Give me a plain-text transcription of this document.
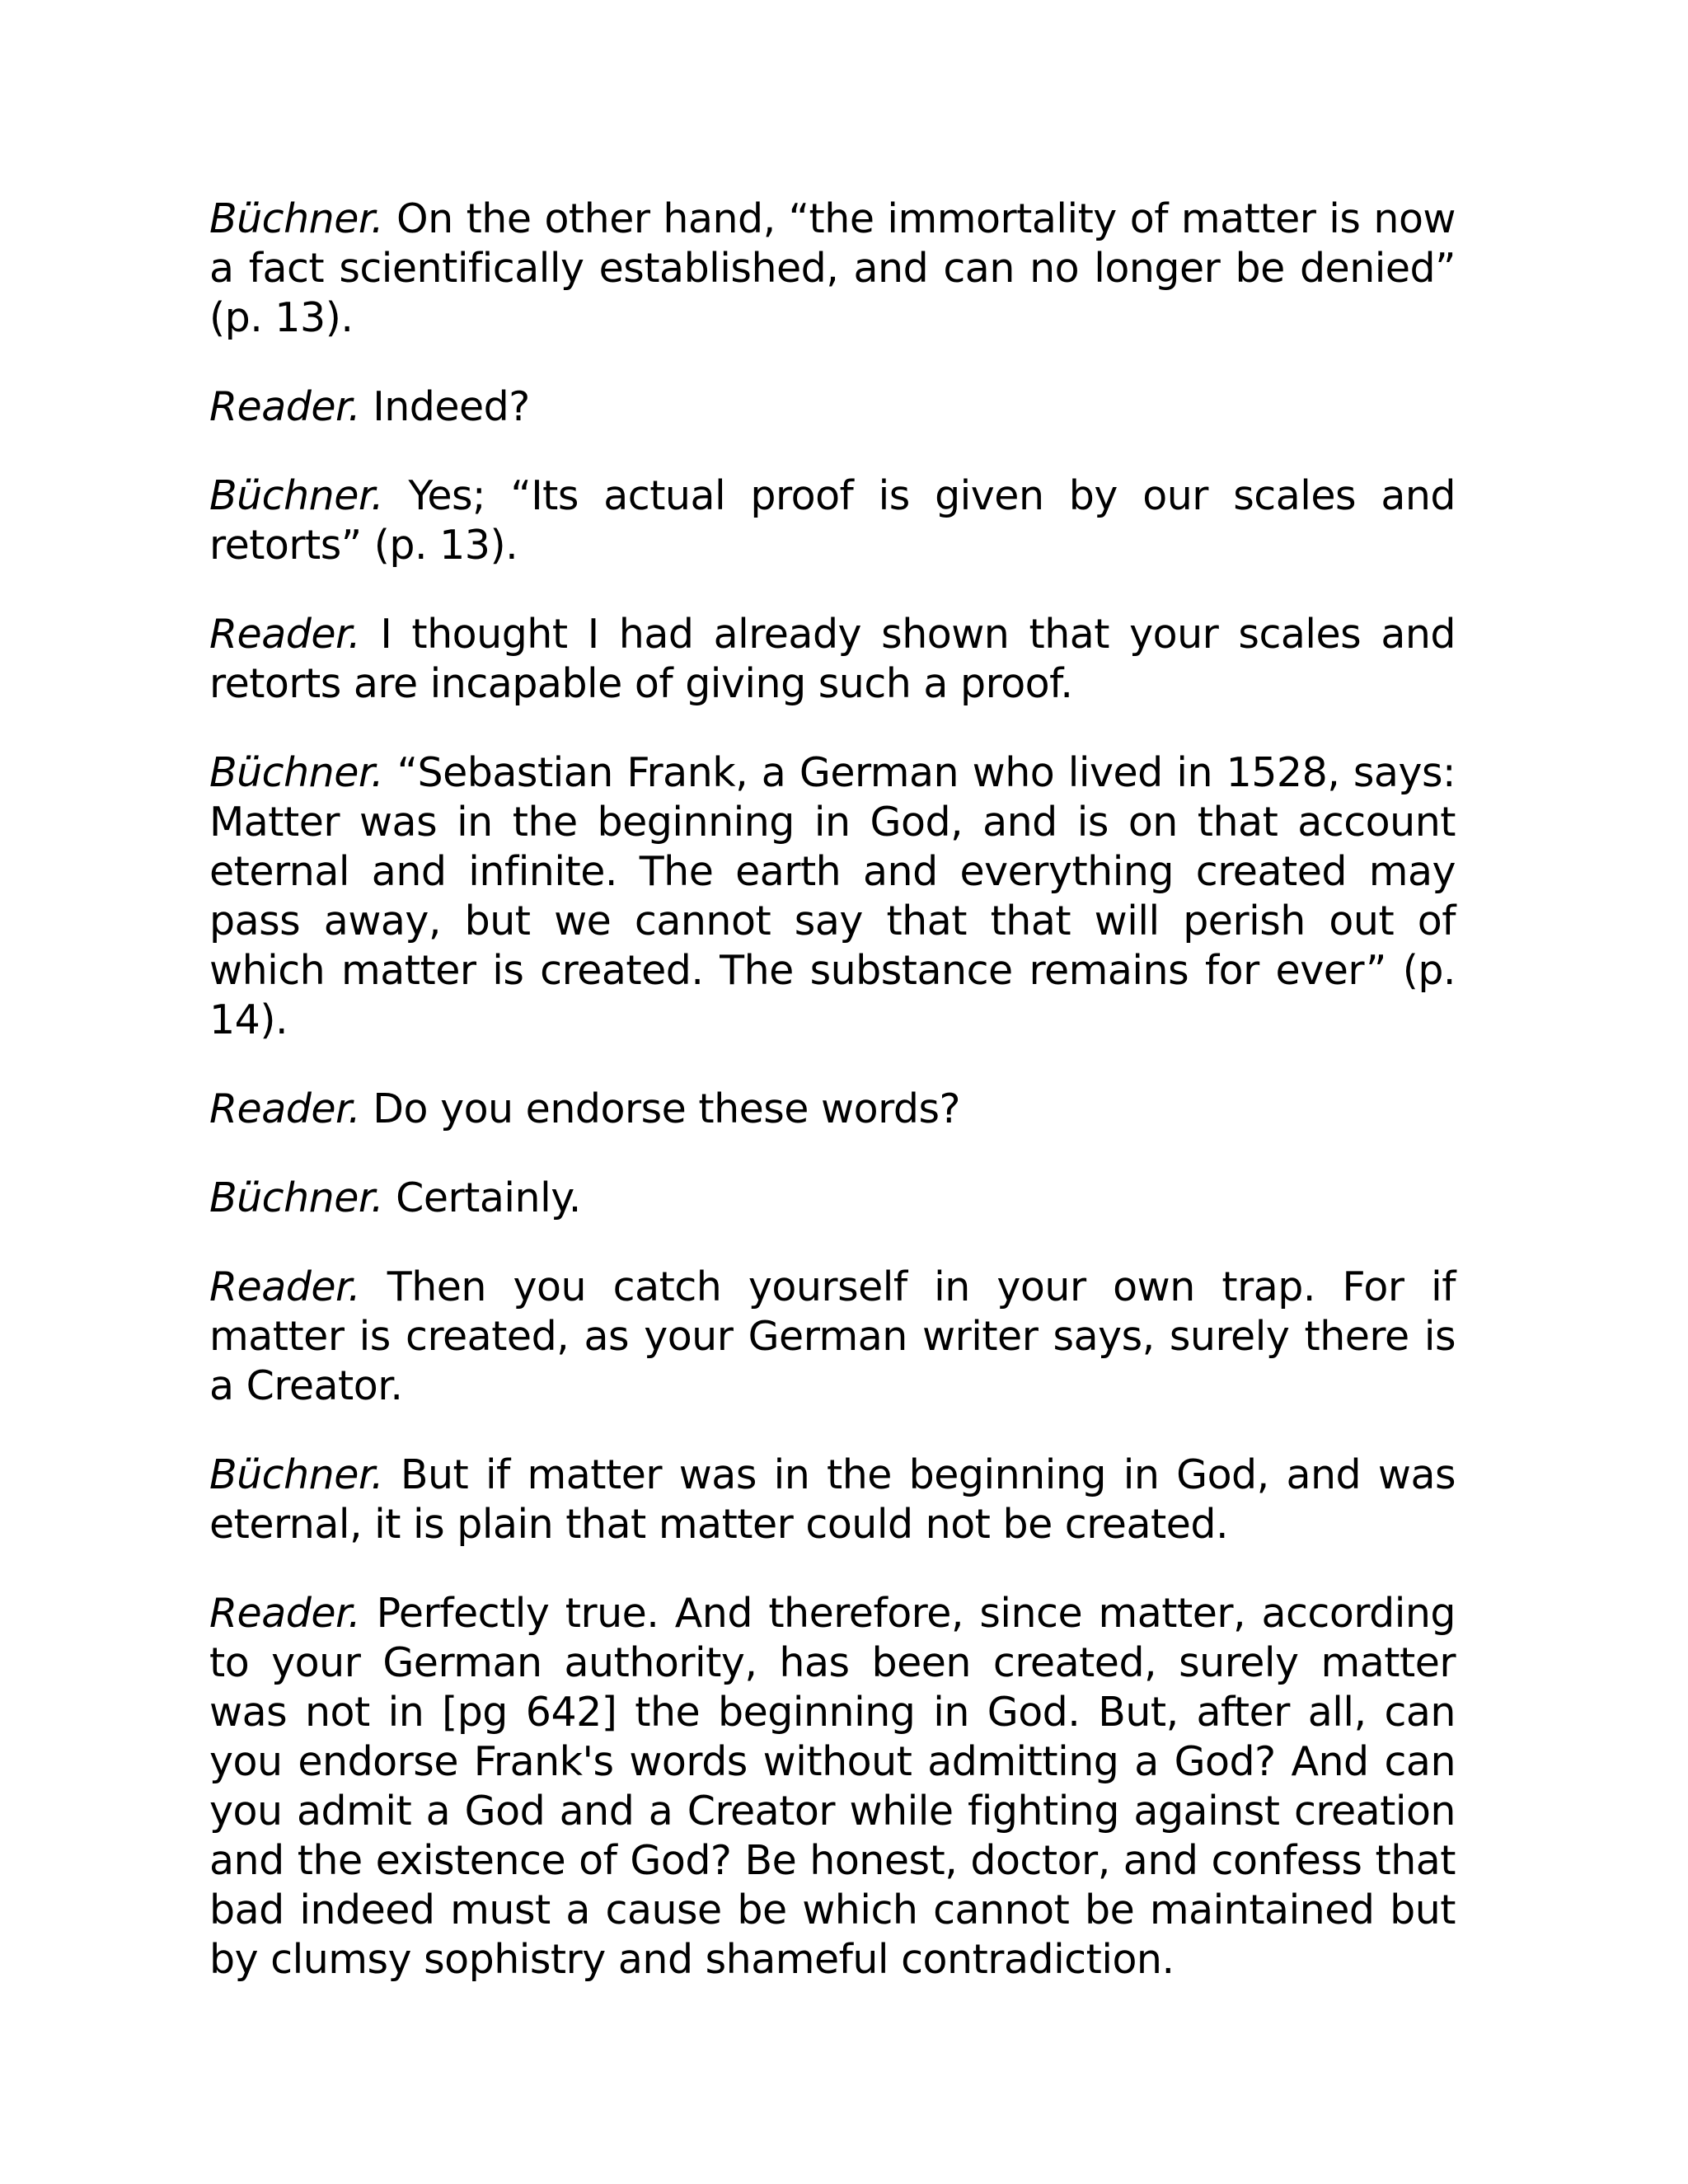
Büchner. On the other hand, “the immortality of matter is now a fact scientifically established, and can no longer be denied” (p. 13).

Reader. Indeed?

Büchner. Yes; “Its actual proof is given by our scales and retorts” (p. 13).

Reader. I thought I had already shown that your scales and retorts are incapable of giving such a proof.

Büchner. “Sebastian Frank, a German who lived in 1528, says: Matter was in the beginning in God, and is on that account eternal and infinite. The earth and everything created may pass away, but we cannot say that that will perish out of which matter is created. The substance remains for ever” (p. 14).

Reader. Do you endorse these words?

Büchner. Certainly.

Reader. Then you catch yourself in your own trap. For if matter is created, as your German writer says, surely there is a Creator.

Büchner. But if matter was in the beginning in God, and was eternal, it is plain that matter could not be created.

Reader. Perfectly true. And therefore, since matter, according to your German authority, has been created, surely matter was not in [pg 642] the beginning in God. But, after all, can you endorse Frank's words without admitting a God? And can you admit a God and a Creator while fighting against creation and the existence of God? Be honest, doctor, and confess that bad indeed must a cause be which cannot be maintained but by clumsy sophistry and shameful contradiction.
